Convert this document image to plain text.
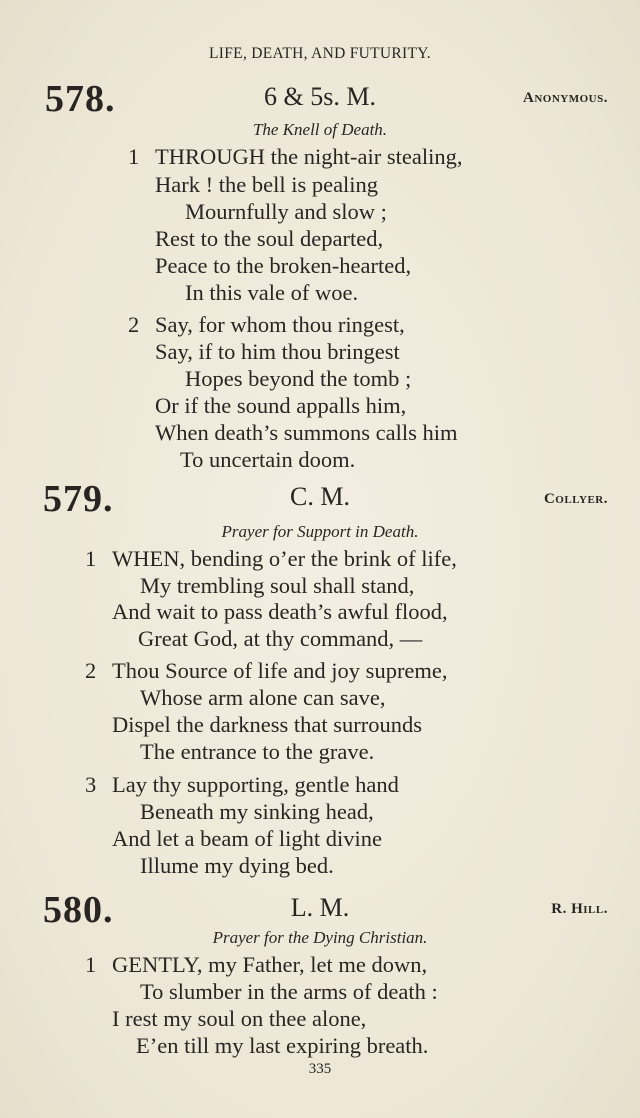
LIFE, DEATH, AND FUTURITY.
578.	6 & 5s. M.	Anonymous.
The Knell of Death.
1 THROUGH the night-air stealing,
Hark ! the bell is pealing
Mournfully and slow ;
Rest to the soul departed,
Peace to the broken-hearted,
In this vale of woe.
2 Say, for whom thou ringest,
Say, if to him thou bringest
Hopes beyond the tomb ;
Or if the sound appalls him,
When death’s summons calls him
To uncertain doom.
579.	C. M.	Collyer.
Prayer for Support in Death.
1 WHEN, bending o’er the brink of life,
My trembling soul shall stand,
And wait to pass death’s awful flood,
Great God, at thy command, —
2 Thou Source of life and joy supreme,
Whose arm alone can save,
Dispel the darkness that surrounds
The entrance to the grave.
3 Lay thy supporting, gentle hand
Beneath my sinking head,
And let a beam of light divine
Illume my dying bed.
580.	L. M.	R. Hill.
Prayer for the Dying Christian.
1 GENTLY, my Father, let me down,
To slumber in the arms of death :
I rest my soul on thee alone,
E’en till my last expiring breath.
335
